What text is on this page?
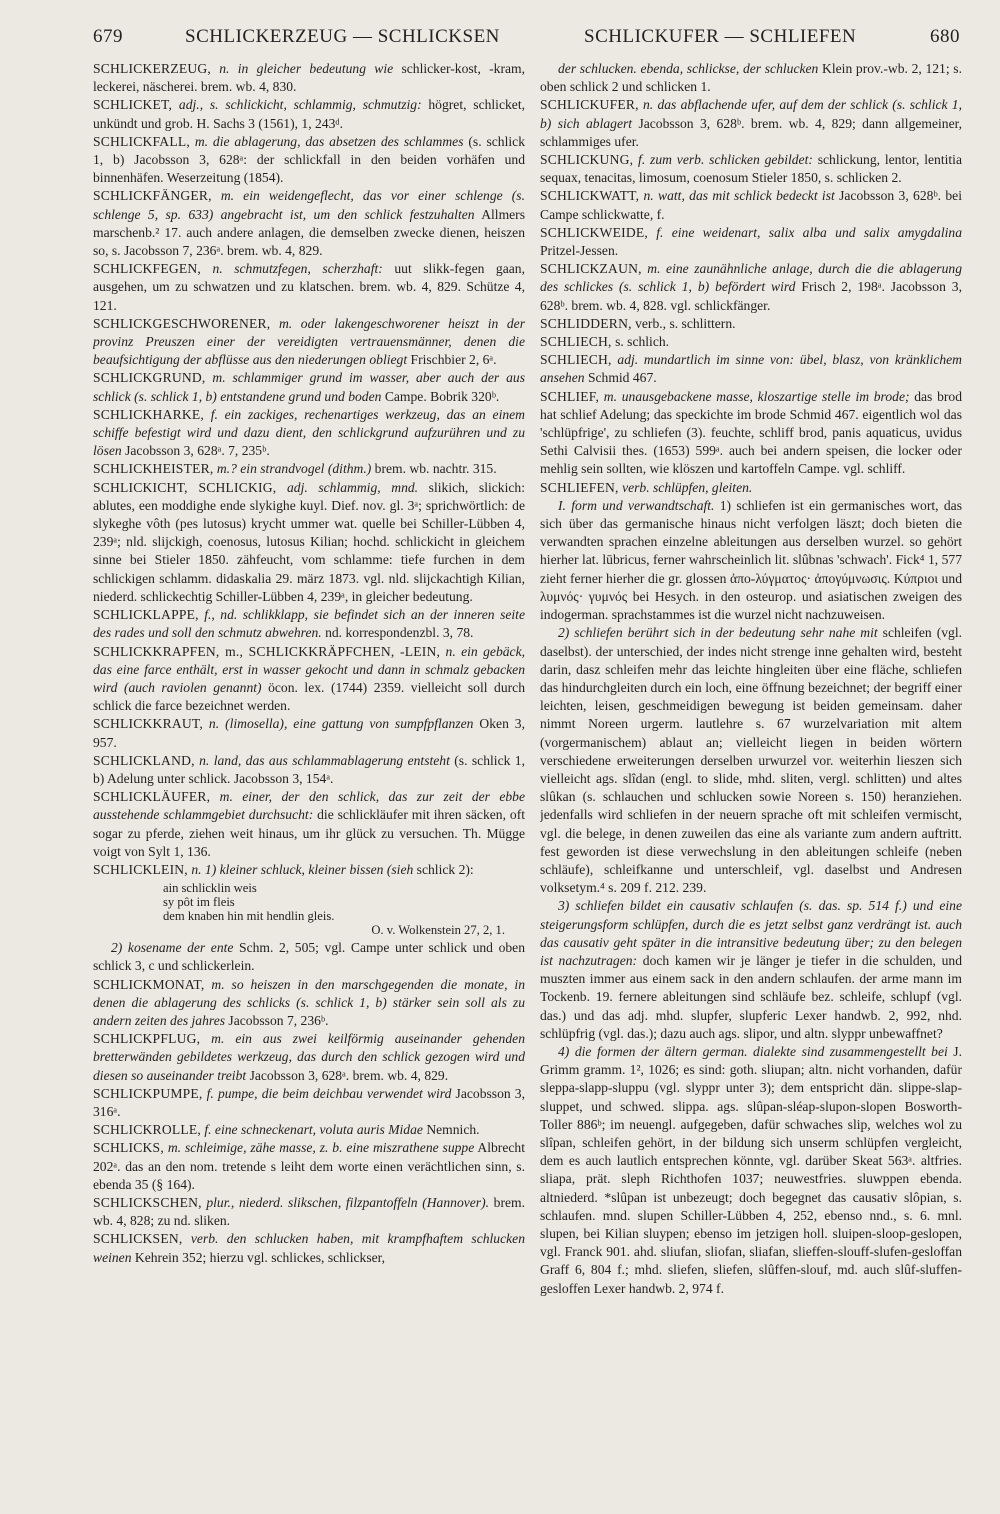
679	SCHLICKERZEUG — SCHLICKSEN	SCHLICKUFER — SCHLIEFEN	680
SCHLICKERZEUG, n. in gleicher bedeutung wie schlicker-kost, -kram, leckerei, näscherei. brem. wb. 4, 830.
SCHLICKET, adj., s. schlickicht, schlammig, schmutzig: högret, schlicket, unkündt und grob. H. Sachs 3 (1561), 1, 243ᵈ.
SCHLICKFALL, m. die ablagerung, das absetzen des schlammes (s. schlick 1, b) Jacobsson 3, 628ᵃ: der schlickfall in den beiden vorhäfen und binnenhäfen. Weserzeitung (1854).
SCHLICKFÄNGER, m. ein weidengeflecht, das vor einer schlenge (s. schlenge 5, sp. 633) angebracht ist, um den schlick festzuhalten Allmers marschenb.² 17. auch andere anlagen, die demselben zwecke dienen, heiszen so, s. Jacobsson 7, 236ᵃ. brem. wb. 4, 829.
SCHLICKFEGEN, n. schmutzfegen, scherzhaft: uut slikk-fegen gaan, ausgehen, um zu schwatzen und zu klatschen. brem. wb. 4, 829. Schütze 4, 121.
SCHLICKGESCHWORENER, m. oder lakengeschworener heiszt in der provinz Preuszen einer der vereidigten vertrauensmänner, denen die beaufsichtigung der abflüsse aus den niederungen obliegt Frischbier 2, 6ᵃ.
SCHLICKGRUND, m. schlammiger grund im wasser, aber auch der aus schlick (s. schlick 1, b) entstandene grund und boden Campe. Bobrik 320ᵇ.
SCHLICKHARKE, f. ein zackiges, rechenartiges werkzeug, das an einem schiffe befestigt wird und dazu dient, den schlickgrund aufzurühren und zu lösen Jacobsson 3, 628ᵃ. 7, 235ᵇ.
SCHLICKHEISTER, m.? ein strandvogel (dithm.) brem. wb. nachtr. 315.
SCHLICKICHT, SCHLICKIG, adj. schlammig, mnd. slikich, slickich: ablutes, een moddighe ende slykighe kuyl. Dief. nov. gl. 3ᵃ; sprichwörtlich: de slykeghe vôth (pes lutosus) krycht ummer wat. quelle bei Schiller-Lübben 4, 239ᵃ; nld. slijckigh, coenosus, lutosus Kilian; hochd. schlickicht in gleichem sinne bei Stieler 1850. zähfeucht, vom schlamme: tiefe furchen in dem schlickigen schlamm. didaskalia 29. märz 1873. vgl. nld. slijckachtigh Kilian, niederd. schlickechtig Schiller-Lübben 4, 239ᵃ, in gleicher bedeutung.
SCHLICKLAPPE, f., nd. schlikklapp, sie befindet sich an der inneren seite des rades und soll den schmutz abwehren. nd. korrespondenzbl. 3, 78.
SCHLICKKRAPFEN, m., SCHLICKKRÄPFCHEN, -LEIN, n. ein gebäck, das eine farce enthält, erst in wasser gekocht und dann in schmalz gebacken wird (auch raviolen genannt) öcon. lex. (1744) 2359. vielleicht soll durch schlick die farce bezeichnet werden.
SCHLICKKRAUT, n. (limosella), eine gattung von sumpfpflanzen Oken 3, 957.
SCHLICKLAND, n. land, das aus schlammablagerung entsteht (s. schlick 1, b) Adelung unter schlick. Jacobsson 3, 154ᵃ.
SCHLICKLÄUFER, m. einer, der den schlick, das zur zeit der ebbe ausstehende schlammgebiet durchsucht: die schlickläufer mit ihren säcken, oft sogar zu pferde, ziehen weit hinaus, um ihr glück zu versuchen. Th. Mügge voigt von Sylt 1, 136.
SCHLICKLEIN, n. 1) kleiner schluck, kleiner bissen (sieh schlick 2):
ain schlicklin weis
sy pôt im fleis
dem knaben hin mit hendlin gleis.
O. v. Wolkenstein 27, 2, 1.
2) kosename der ente Schm. 2, 505; vgl. Campe unter schlick und oben schlick 3, c und schlickerlein.
SCHLICKMONAT, m. so heiszen in den marschgegenden die monate, in denen die ablagerung des schlicks (s. schlick 1, b) stärker sein soll als zu andern zeiten des jahres Jacobsson 7, 236ᵇ.
SCHLICKPFLUG, m. ein aus zwei keilförmig auseinander gehenden bretterwänden gebildetes werkzeug, das durch den schlick gezogen wird und diesen so auseinander treibt Jacobsson 3, 628ᵃ. brem. wb. 4, 829.
SCHLICKPUMPE, f. pumpe, die beim deichbau verwendet wird Jacobsson 3, 316ᵃ.
SCHLICKROLLE, f. eine schneckenart, voluta auris Midae Nemnich.
SCHLICKS, m. schleimige, zähe masse, z. b. eine miszrathene suppe Albrecht 202ᵃ. das an den nom. tretende s leiht dem worte einen verächtlichen sinn, s. ebenda 35 (§ 164).
SCHLICKSCHEN, plur., niederd. slikschen, filzpantoffeln (Hannover). brem. wb. 4, 828; zu nd. sliken.
SCHLICKSEN, verb. den schlucken haben, mit krampfhaftem schlucken weinen Kehrein 352; hierzu vgl. schlickes, schlickser,
der schlucken. ebenda, schlickse, der schlucken Klein prov.-wb. 2, 121; s. oben schlick 2 und schlicken 1.
SCHLICKUFER, n. das abflachende ufer, auf dem der schlick (s. schlick 1, b) sich ablagert Jacobsson 3, 628ᵇ. brem. wb. 4, 829; dann allgemeiner, schlammiges ufer.
SCHLICKUNG, f. zum verb. schlicken gebildet: schlickung, lentor, lentitia sequax, tenacitas, limosum, coenosum Stieler 1850, s. schlicken 2.
SCHLICKWATT, n. watt, das mit schlick bedeckt ist Jacobsson 3, 628ᵇ. bei Campe schlickwatte, f.
SCHLICKWEIDE, f. eine weidenart, salix alba und salix amygdalina Pritzel-Jessen.
SCHLICKZAUN, m. eine zaunähnliche anlage, durch die die ablagerung des schlickes (s. schlick 1, b) befördert wird Frisch 2, 198ᵃ. Jacobsson 3, 628ᵇ. brem. wb. 4, 828. vgl. schlickfänger.
SCHLIDDERN, verb., s. schlittern.
SCHLIECH, s. schlich.
SCHLIECH, adj. mundartlich im sinne von: übel, blasz, von kränklichem ansehen Schmid 467.
SCHLIEF, m. unausgebackene masse, kloszartige stelle im brode; das brod hat schlief Adelung; das speckichte im brode Schmid 467. eigentlich wol das 'schlüpfrige', zu schliefen (3). feuchte, schliff brod, panis aquaticus, uvidus Sethi Calvisii thes. (1653) 599ᵃ. auch bei andern speisen, die locker oder mehlig sein sollten, wie klöszen und kartoffeln Campe. vgl. schliff.
SCHLIEFEN, verb. schlüpfen, gleiten.
I. form und verwandtschaft. 1) schliefen ist ein germanisches wort, das sich über das germanische hinaus nicht verfolgen läszt; doch bieten die verwandten sprachen einzelne ableitungen aus derselben wurzel. so gehört hierher lat. lūbricus, ferner wahrscheinlich lit. slûbnas 'schwach'. Fick⁴ 1, 577 zieht ferner hierher die gr. glossen ἀπο-λύγματος· ἀπογύμνωσις. Κύπριοι und λυμνός· γυμνός bei Hesych. in den osteurop. und asiatischen zweigen des indogerman. sprachstammes ist die wurzel nicht nachzuweisen.
2) schliefen berührt sich in der bedeutung sehr nahe mit schleifen (vgl. daselbst). der unterschied, der indes nicht strenge inne gehalten wird, besteht darin, dasz schleifen mehr das leichte hingleiten über eine fläche, schliefen das hindurchgleiten durch ein loch, eine öffnung bezeichnet; der begriff einer leichten, leisen, geschmeidigen bewegung ist beiden gemeinsam. daher nimmt Noreen urgerm. lautlehre s. 67 wurzelvariation mit altem (vorgermanischem) ablaut an; vielleicht liegen in beiden wörtern verschiedene erweiterungen derselben urwurzel vor. weiterhin lieszen sich vielleicht ags. slîdan (engl. to slide, mhd. sliten, vergl. schlitten) und altes slûkan (s. schlauchen und schlucken sowie Noreen s. 150) heranziehen. jedenfalls wird schliefen in der neuern sprache oft mit schleifen vermischt, vgl. die belege, in denen zuweilen das eine als variante zum andern auftritt. fest geworden ist diese verwechslung in den ableitungen schleife (neben schläufe), schleifkanne und unterschleif, vgl. daselbst und Andresen volksetym.⁴ s. 209 f. 212. 239.
3) schliefen bildet ein causativ schlaufen (s. das. sp. 514 f.) und eine steigerungsform schlüpfen, durch die es jetzt selbst ganz verdrängt ist. auch das causativ geht später in die intransitive bedeutung über; zu den belegen ist nachzutragen: doch kamen wir je länger je tiefer in die schulden, und muszten immer aus einem sack in den andern schlaufen. der arme mann im Tockenb. 19. fernere ableitungen sind schläufe bez. schleife, schlupf (vgl. das.) und das adj. mhd. slupfer, slupferic Lexer handwb. 2, 992, nhd. schlüpfrig (vgl. das.); dazu auch ags. slipor, und altn. slyppr unbewaffnet?
4) die formen der ältern german. dialekte sind zusammengestellt bei J. Grimm gramm. 1², 1026; es sind: goth. sliupan; altn. nicht vorhanden, dafür sleppa-slapp-sluppu (vgl. slyppr unter 3); dem entspricht dän. slippe-slap-sluppet, und schwed. slippa. ags. slûpan-sléap-slupon-slopen Bosworth-Toller 886ᵇ; im neuengl. aufgegeben, dafür schwaches slip, welches wol zu slîpan, schleifen gehört, in der bildung sich unserm schlüpfen vergleicht, dem es auch lautlich entsprechen könnte, vgl. darüber Skeat 563ᵃ. altfries. sliapa, prät. sleph Richthofen 1037; neuwestfries. sluwppen ebenda. altniederd. *slûpan ist unbezeugt; doch begegnet das causativ slôpian, s. schlaufen. mnd. slupen Schiller-Lübben 4, 252, ebenso nnd., s. 6. mnl. slupen, bei Kilian sluypen; ebenso im jetzigen holl. sluipen-sloop-geslopen, vgl. Franck 901. ahd. sliufan, sliofan, sliafan, slieffen-slouff-slufen-gesloffan Graff 6, 804 f.; mhd. sliefen, sliefen, slûffen-slouf, md. auch slûf-sluffen-gesloffen Lexer handwb. 2, 974 f.
